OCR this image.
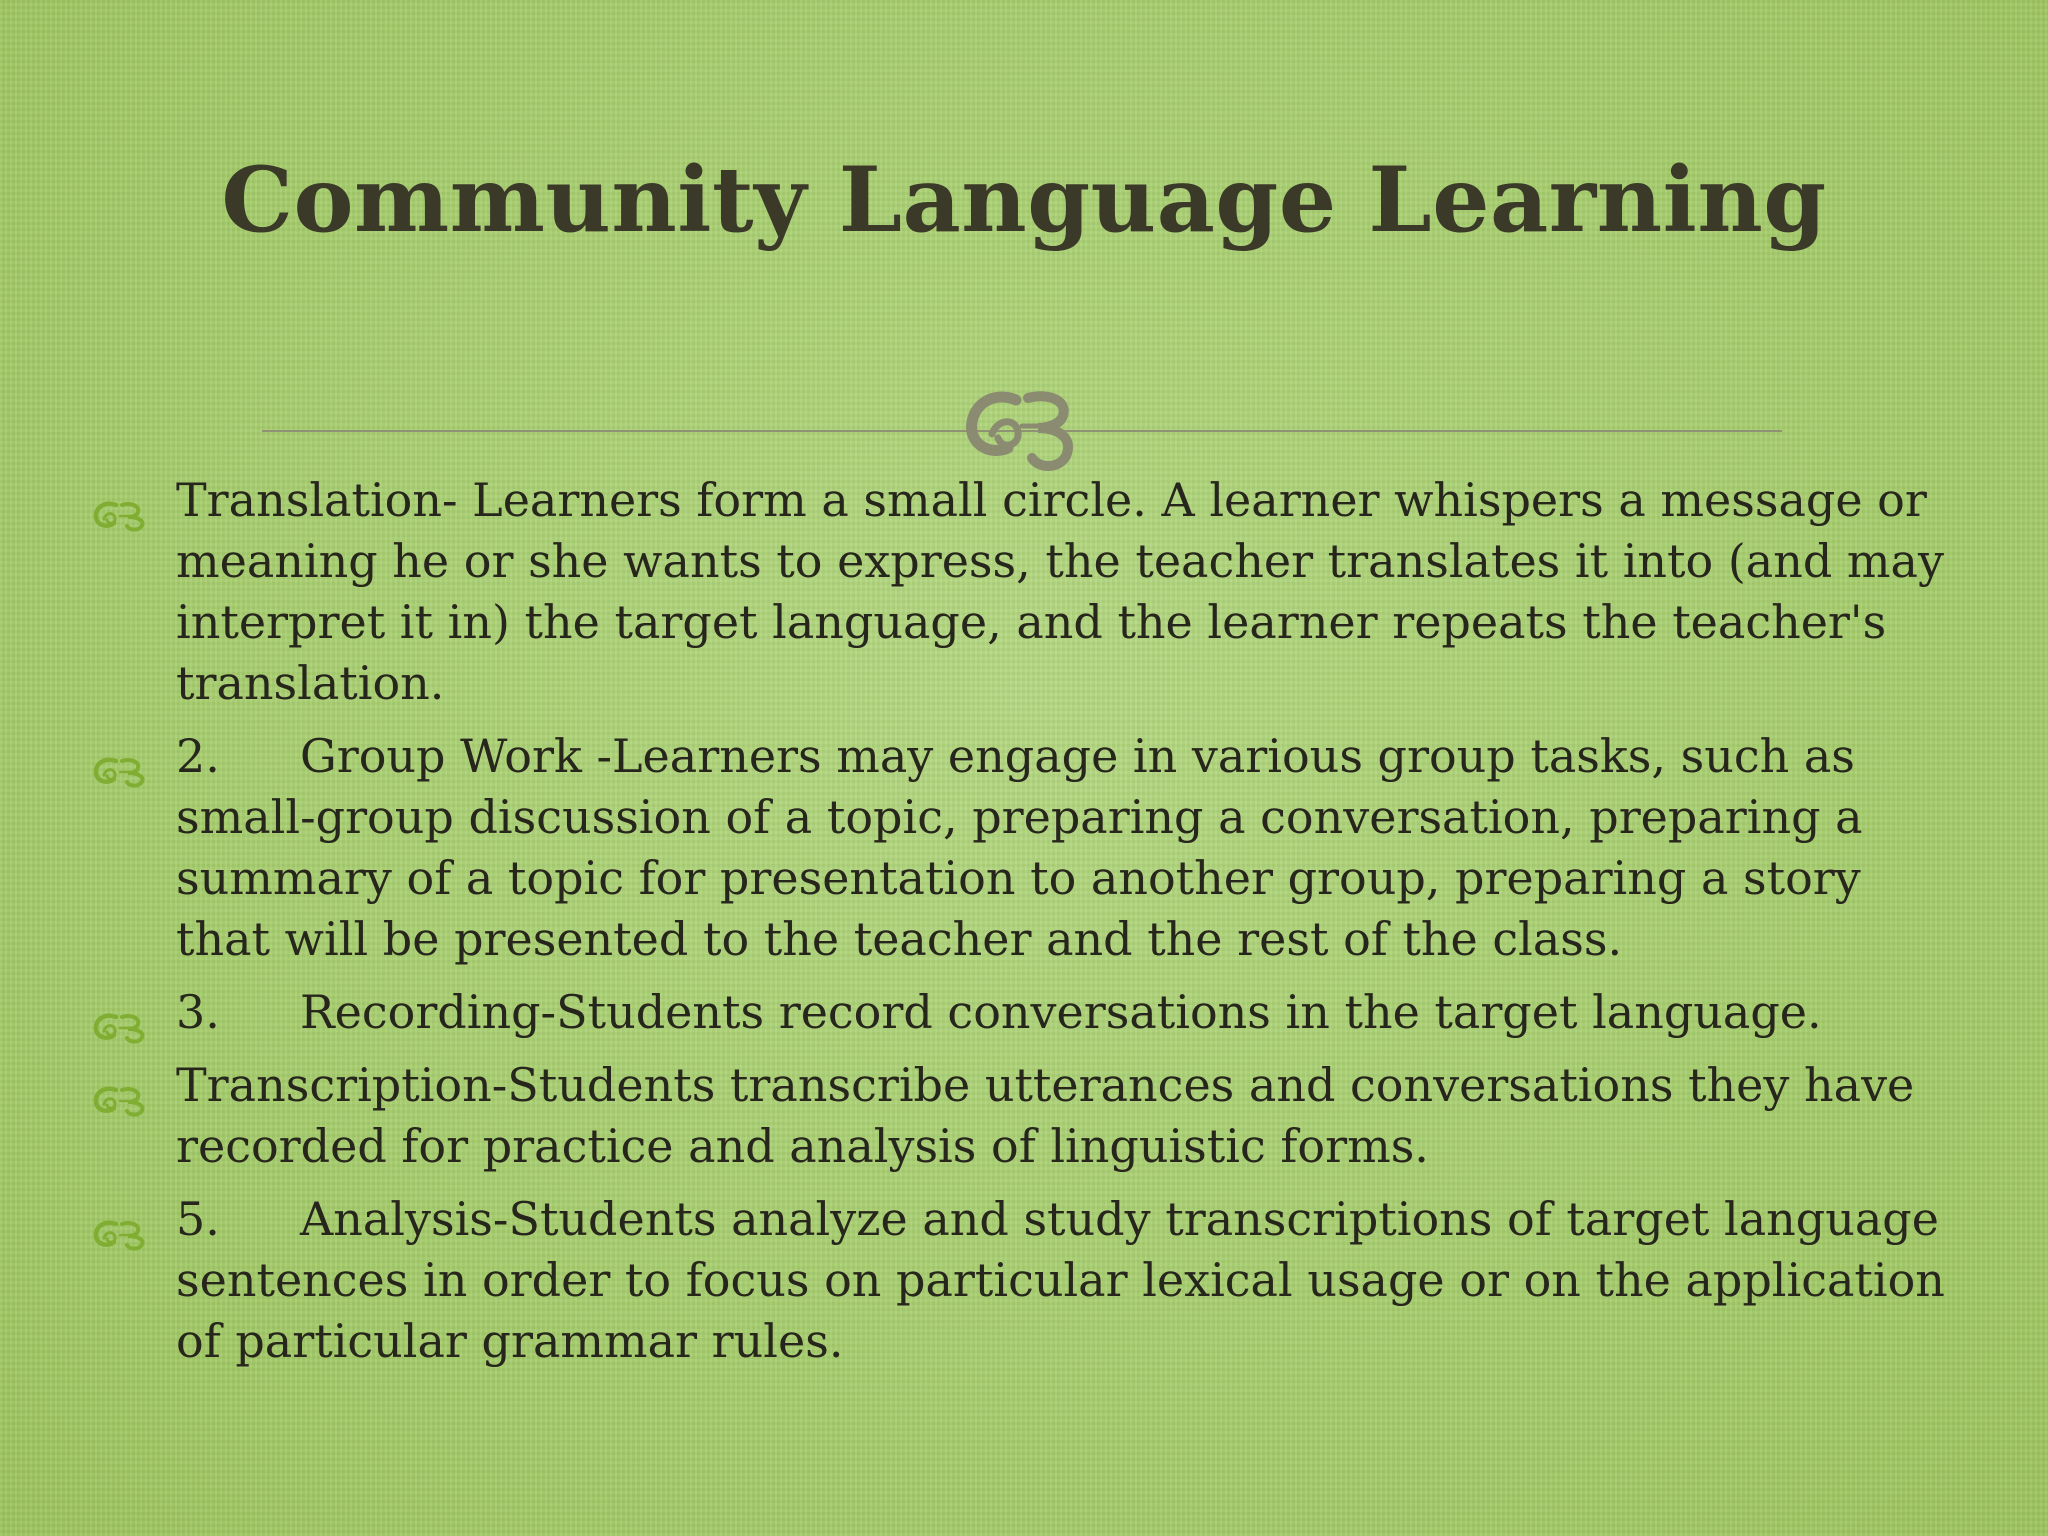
Community Language Learning
Translation- Learners form a small circle. A learner whispers a message or meaning he or she wants to express, the teacher translates it into (and may interpret it in) the target language, and the learner repeats the teacher's translation.
2. Group Work -Learners may engage in various group tasks, such as small-group discussion of a topic, preparing a conversation, preparing a summary of a topic for presentation to another group, preparing a story that will be presented to the teacher and the rest of the class.
3. Recording-Students record conversations in the target language.
Transcription-Students transcribe utterances and conversations they have recorded for practice and analysis of linguistic forms.
5. Analysis-Students analyze and study transcriptions of target language sentences in order to focus on particular lexical usage or on the application of particular grammar rules.
